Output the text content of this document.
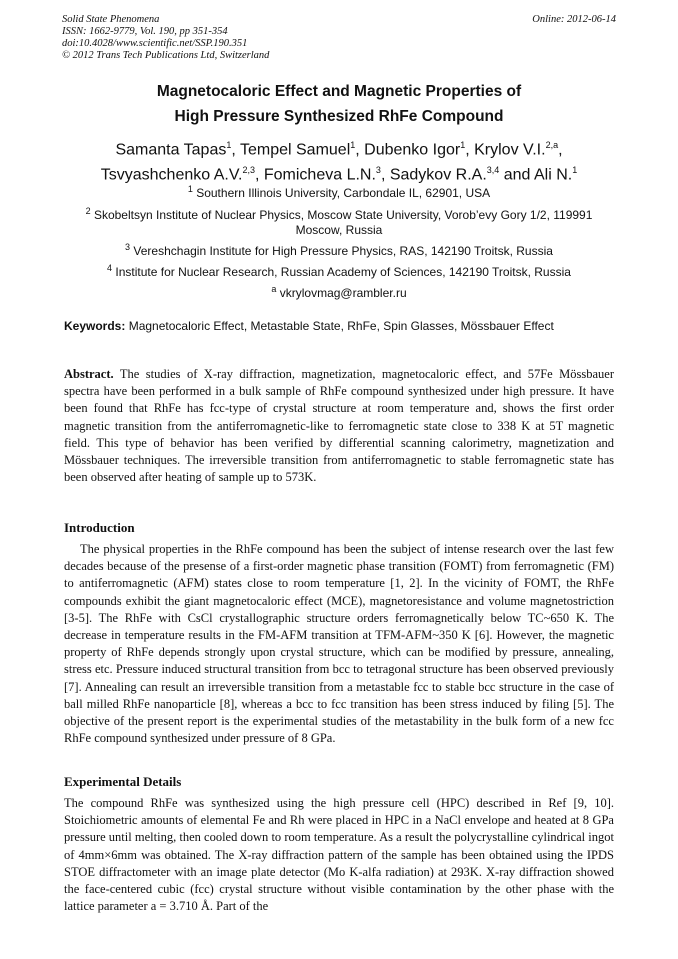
Solid State Phenomena
ISSN: 1662-9779, Vol. 190, pp 351-354
doi:10.4028/www.scientific.net/SSP.190.351
© 2012 Trans Tech Publications Ltd, Switzerland
Online: 2012-06-14
Magnetocaloric Effect and Magnetic Properties of
High Pressure Synthesized RhFe Compound
Samanta Tapas$^1$, Tempel Samuel$^1$, Dubenko Igor$^1$, Krylov V.I.$^{2,a}$,
Tsvyashchenko A.V.$^{2,3}$, Fomicheva L.N.$^3$, Sadykov R.A.$^{3,4}$ and Ali N.$^1$
$^1$ Southern Illinois University, Carbondale IL, 62901, USA
$^2$ Skobeltsyn Institute of Nuclear Physics, Moscow State University, Vorob’evy Gory 1/2, 119991 Moscow, Russia
$^3$ Vereshchagin Institute for High Pressure Physics, RAS, 142190 Troitsk, Russia
$^4$ Institute for Nuclear Research, Russian Academy of Sciences, 142190 Troitsk, Russia
$^a$ vkrylovmag@rambler.ru
Keywords: Magnetocaloric Effect, Metastable State, RhFe, Spin Glasses, Mössbauer Effect
Abstract. The studies of X-ray diffraction, magnetization, magnetocaloric effect, and 57Fe Mössbauer spectra have been performed in a bulk sample of RhFe compound synthesized under high pressure. It have been found that RhFe has fcc-type of crystal structure at room temperature and, shows the first order magnetic transition from the antiferromagnetic-like to ferromagnetic state close to 338 K at 5T magnetic field. This type of behavior has been verified by differential scanning calorimetry, magnetization and Mössbauer techniques. The irreversible transition from antiferromagnetic to stable ferromagnetic state has been observed after heating of sample up to 573K.
Introduction
The physical properties in the RhFe compound has been the subject of intense research over the last few decades because of the presense of a first-order magnetic phase transition (FOMT) from ferromagnetic (FM) to antiferromagnetic (AFM) states close to room temperature [1, 2]. In the vicinity of FOMT, the RhFe compounds exhibit the giant magnetocaloric effect (MCE), magnetoresistance and volume magnetostriction [3-5]. The RhFe with CsCl crystallographic structure orders ferromagnetically below TC~650 K. The decrease in temperature results in the FM-AFM transition at TFM-AFM~350 K [6]. However, the magnetic property of RhFe depends strongly upon crystal structure, which can be modified by pressure, annealing, stress etc. Pressure induced structural transition from bcc to tetragonal structure has been observed previously [7]. Annealing can result an irreversible transition from a metastable fcc to stable bcc structure in the case of ball milled RhFe nanoparticle [8], whereas a bcc to fcc transition has been stress induced by filing [5]. The objective of the present report is the experimental studies of the metastability in the bulk form of a new fcc RhFe compound synthesized under pressure of 8 GPa.
Experimental Details
The compound RhFe was synthesized using the high pressure cell (HPC) described in Ref [9, 10]. Stoichiometric amounts of elemental Fe and Rh were placed in HPC in a NaCl envelope and heated at 8 GPa pressure until melting, then cooled down to room temperature. As a result the polycrystalline cylindrical ingot of 4mm×6mm was obtained. The X-ray diffraction pattern of the sample has been obtained using the IPDS STOE diffractometer with an image plate detector (Mo K-alfa radiation) at 293K. X-ray diffraction showed the face-centered cubic (fcc) crystal structure without visible contamination by the other phase with the lattice parameter a = 3.710 Å. Part of the
